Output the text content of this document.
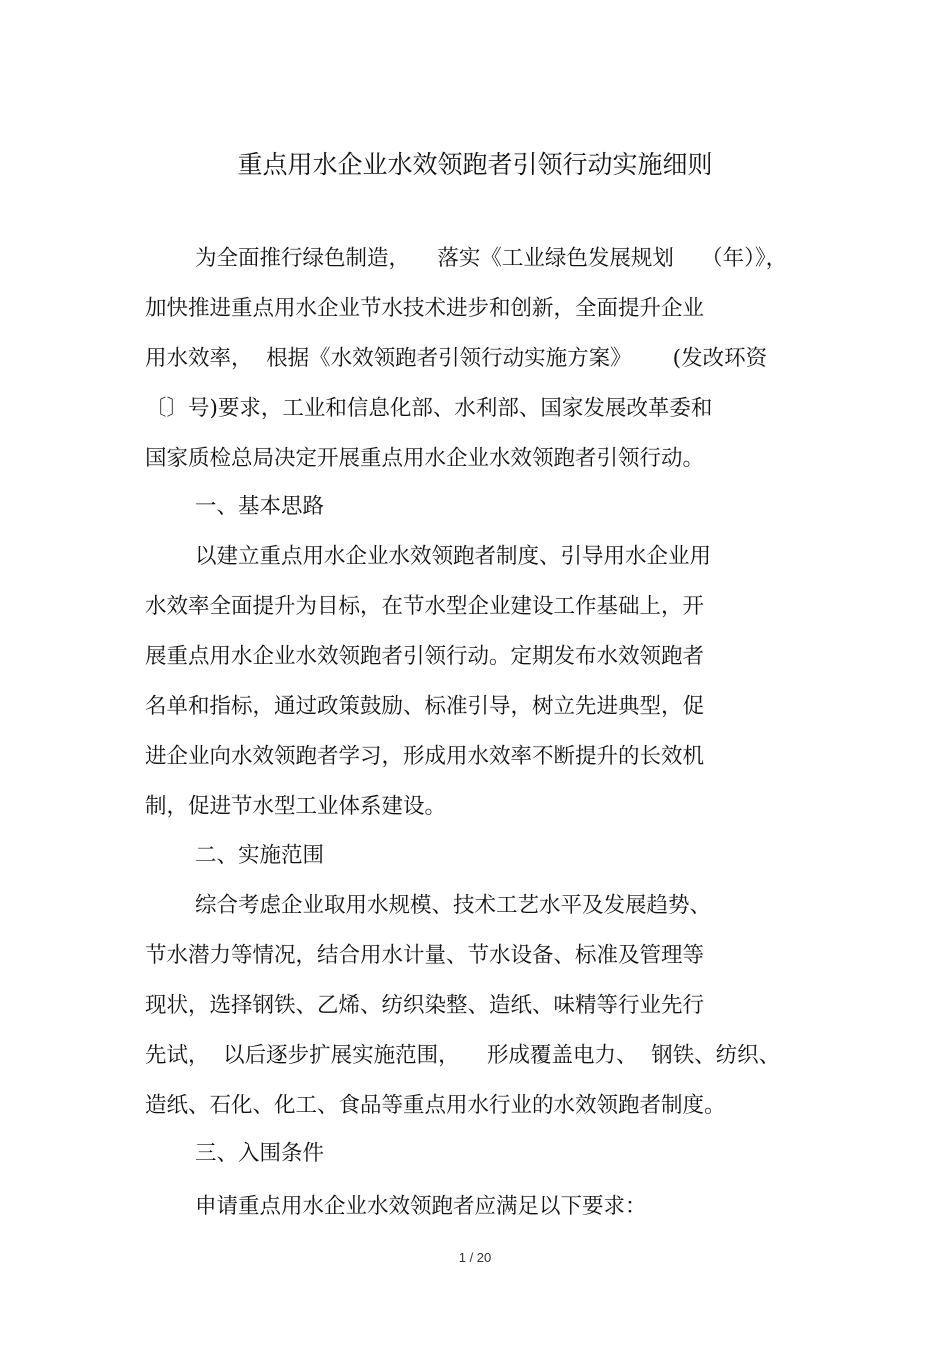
重点用水企业水效领跑者引领行动实施细则
为全面推行绿色制造，    落实《工业绿色发展规划    （年）》，
加快推进重点用水企业节水技术进步和创新，全面提升企业
用水效率，  根据《水效领跑者引领行动实施方案》      (发改环资
〔〕号)要求，工业和信息化部、水利部、国家发展改革委和
国家质检总局决定开展重点用水企业水效领跑者引领行动。
一、基本思路
以建立重点用水企业水效领跑者制度、引导用水企业用
水效率全面提升为目标，在节水型企业建设工作基础上，开
展重点用水企业水效领跑者引领行动。定期发布水效领跑者
名单和指标，通过政策鼓励、标准引导，树立先进典型，促
进企业向水效领跑者学习，形成用水效率不断提升的长效机
制，促进节水型工业体系建设。
二、实施范围
综合考虑企业取用水规模、技术工艺水平及发展趋势、
节水潜力等情况，结合用水计量、节水设备、标准及管理等
现状，选择钢铁、乙烯、纺织染整、造纸、味精等行业先行
先试，  以后逐步扩展实施范围，    形成覆盖电力、  钢铁、纺织、
造纸、石化、化工、食品等重点用水行业的水效领跑者制度。
三、入围条件
申请重点用水企业水效领跑者应满足以下要求：
1 / 20
